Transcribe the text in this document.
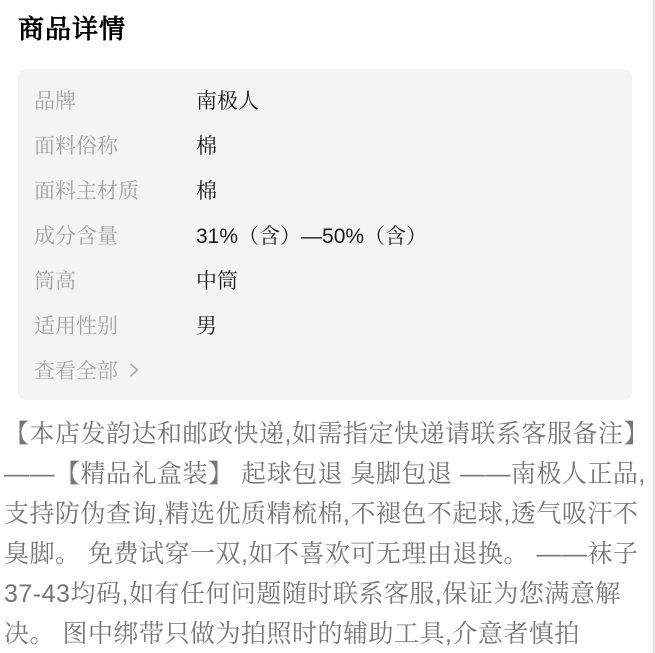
商品详情
品牌	南极人
面料俗称	棉
面料主材质	棉
成分含量	31%（含）—50%（含）
筒高	中筒
适用性别	男
查看全部
【本店发韵达和邮政快递,如需指定快递请联系客服备注】
——【精品礼盒装】 起球包退 臭脚包退 ——南极人正品,
支持防伪查询,精选优质精梳棉,不褪色不起球,透气吸汗不
臭脚。 免费试穿一双,如不喜欢可无理由退换。 ——袜子
37-43均码,如有任何问题随时联系客服,保证为您满意解
决。 图中绑带只做为拍照时的辅助工具,介意者慎拍
